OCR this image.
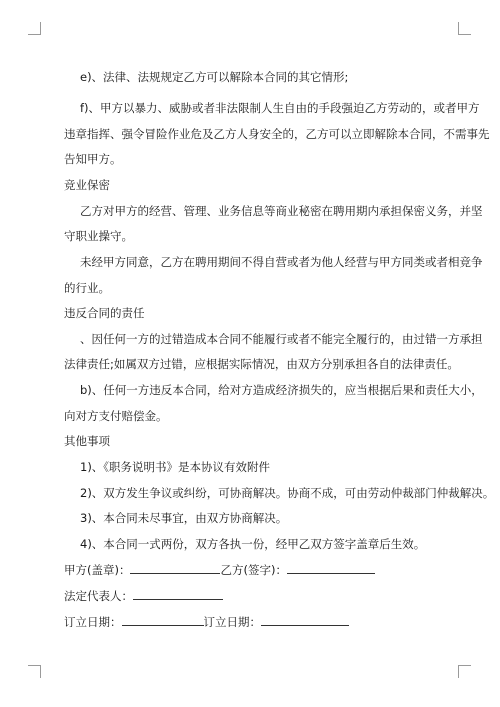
e)、法律、法规规定乙方可以解除本合同的其它情形;
f)、甲方以暴力、威胁或者非法限制人生自由的手段强迫乙方劳动的，或者甲方
违章指挥、强令冒险作业危及乙方人身安全的，乙方可以立即解除本合同，不需事先
告知甲方。
竞业保密
乙方对甲方的经营、管理、业务信息等商业秘密在聘用期内承担保密义务，并坚
守职业操守。
未经甲方同意，乙方在聘用期间不得自营或者为他人经营与甲方同类或者相竞争
的行业。
违反合同的责任
、因任何一方的过错造成本合同不能履行或者不能完全履行的，由过错一方承担
法律责任;如属双方过错，应根据实际情况，由双方分别承担各自的法律责任。
b)、任何一方违反本合同，给对方造成经济损失的，应当根据后果和责任大小，
向对方支付赔偿金。
其他事项
1)、《职务说明书》是本协议有效附件
2)、双方发生争议或纠纷，可协商解决。协商不成，可由劳动仲裁部门仲裁解决。
3)、本合同未尽事宜，由双方协商解决。
4)、本合同一式两份，双方各执一份，经甲乙双方签字盖章后生效。
甲方(盖章)：	乙方(签字)：
法定代表人：
订立日期：	订立日期：
